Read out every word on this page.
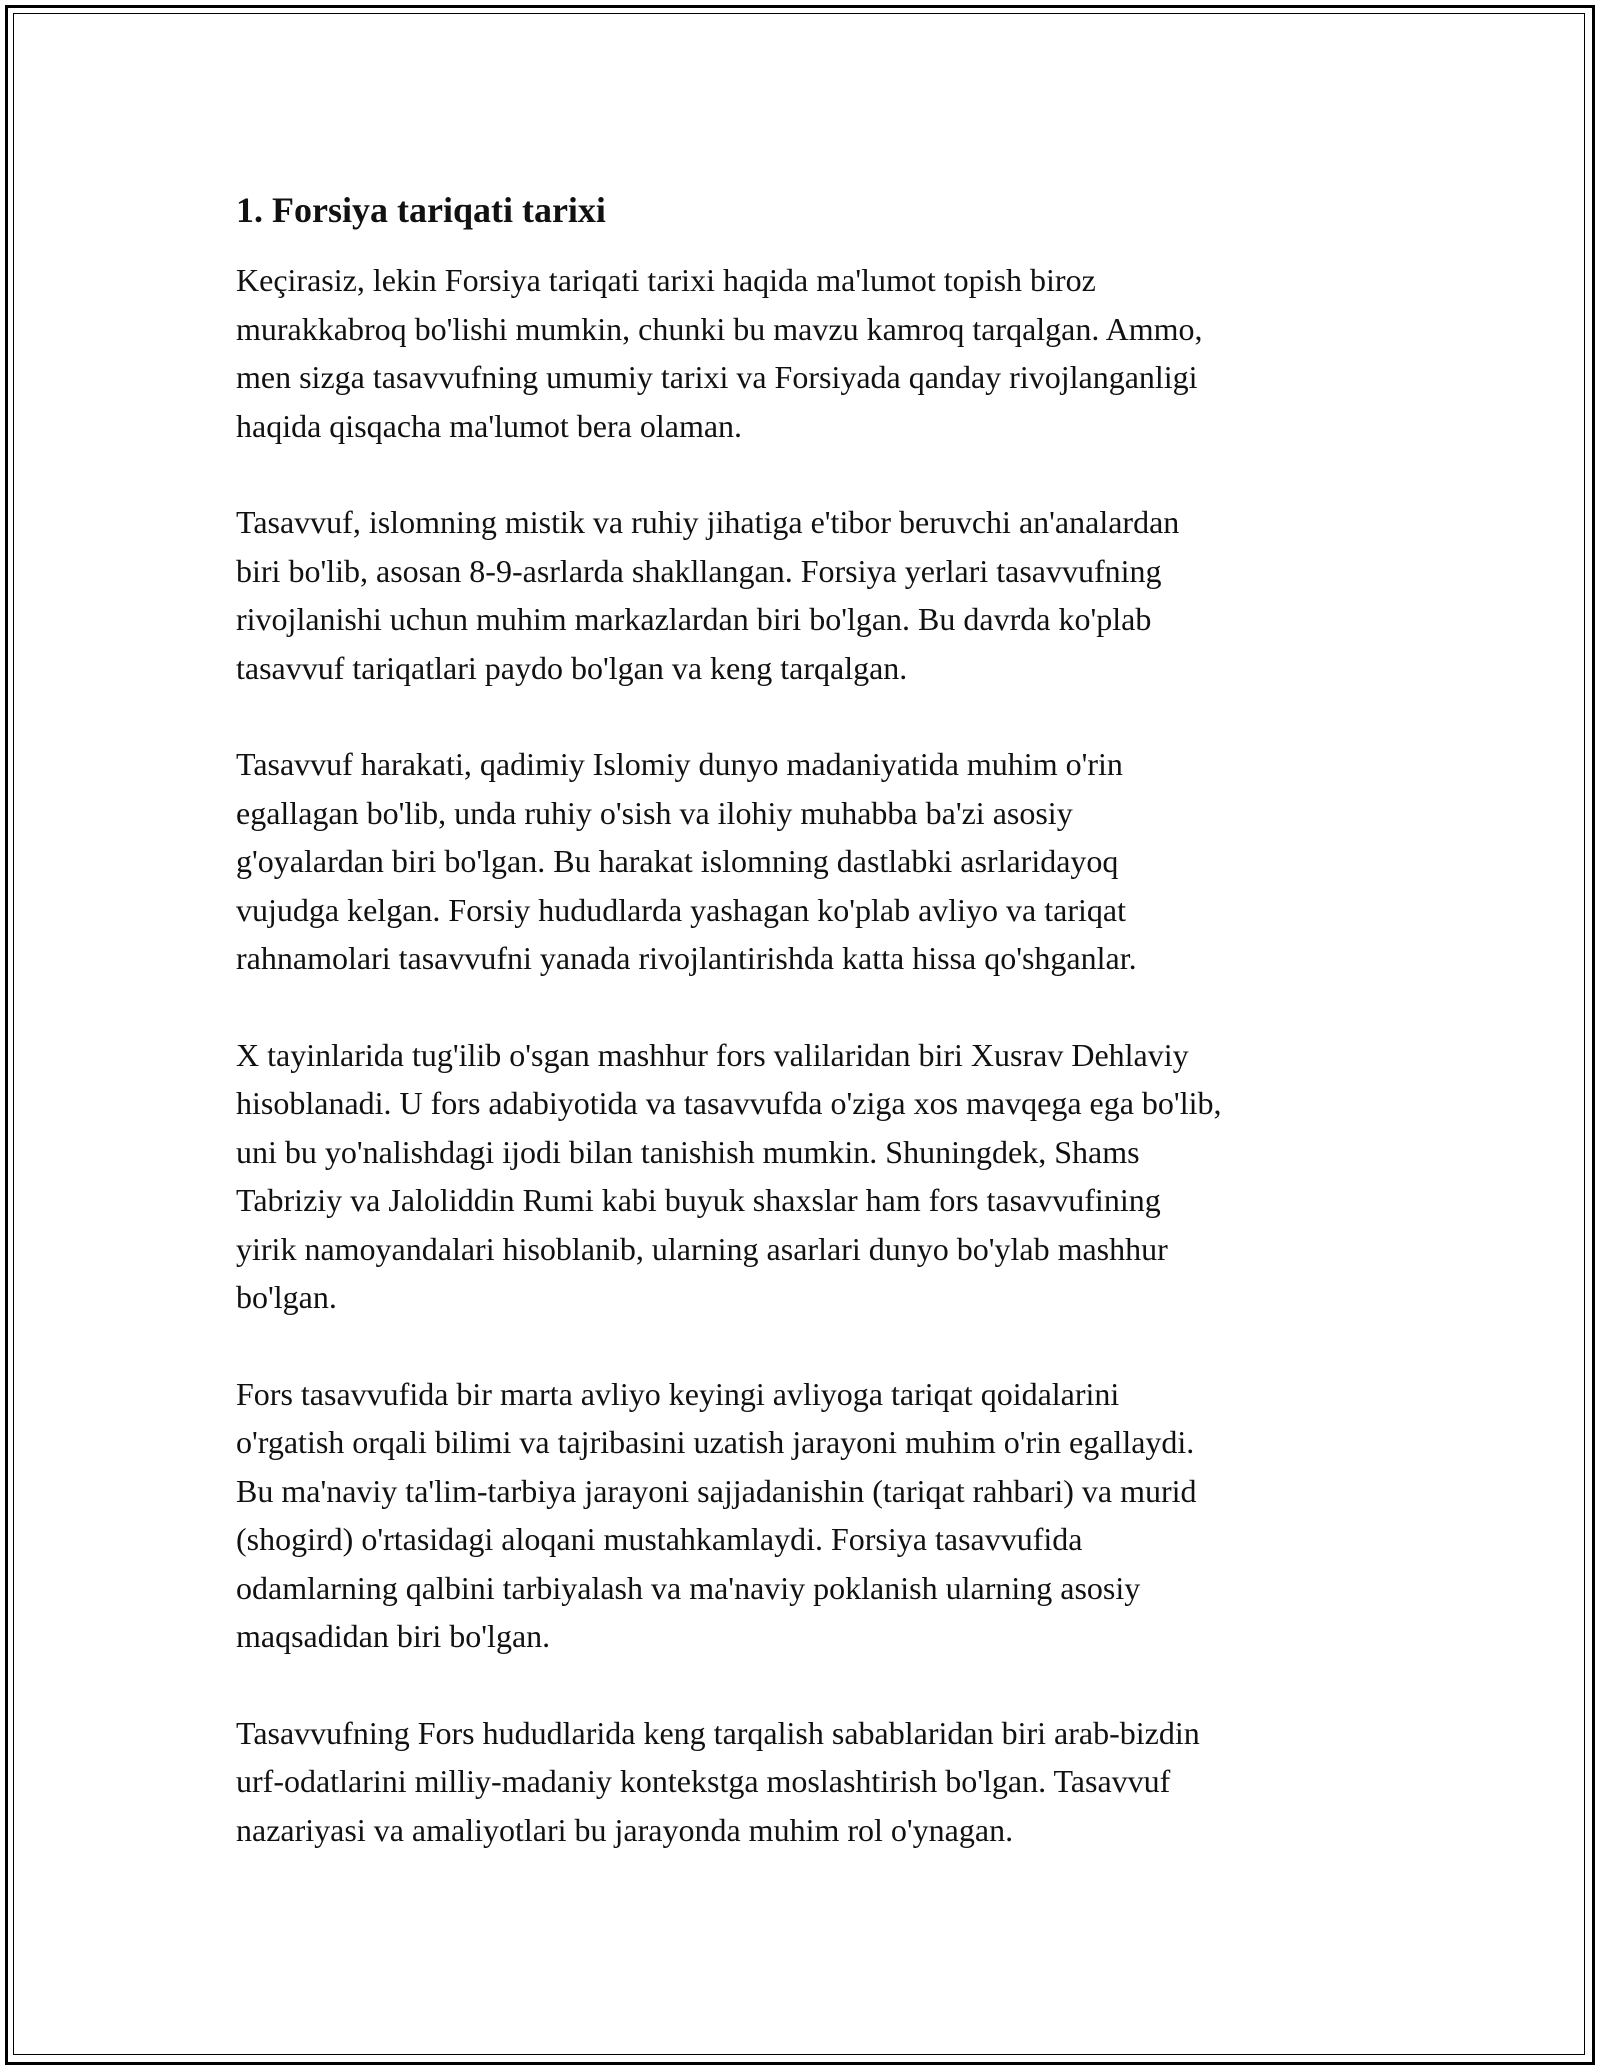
1. Forsiya tariqati tarixi

Keçirasiz, lekin Forsiya tariqati tarixi haqida ma'lumot topish biroz
murakkabroq bo'lishi mumkin, chunki bu mavzu kamroq tarqalgan. Ammo,
men sizga tasavvufning umumiy tarixi va Forsiyada qanday rivojlanganligi
haqida qisqacha ma'lumot bera olaman.

Tasavvuf, islomning mistik va ruhiy jihatiga e'tibor beruvchi an'analardan
biri bo'lib, asosan 8-9-asrlarda shakllangan. Forsiya yerlari tasavvufning
rivojlanishi uchun muhim markazlardan biri bo'lgan. Bu davrda ko'plab
tasavvuf tariqatlari paydo bo'lgan va keng tarqalgan.

Tasavvuf harakati, qadimiy Islomiy dunyo madaniyatida muhim o'rin
egallagan bo'lib, unda ruhiy o'sish va ilohiy muhabba ba'zi asosiy
g'oyalardan biri bo'lgan. Bu harakat islomning dastlabki asrlaridayoq
vujudga kelgan. Forsiy hududlarda yashagan ko'plab avliyo va tariqat
rahnamolari tasavvufni yanada rivojlantirishda katta hissa qo'shganlar.

X tayinlarida tug'ilib o'sgan mashhur fors valilaridan biri Xusrav Dehlaviy
hisoblanadi. U fors adabiyotida va tasavvufda o'ziga xos mavqega ega bo'lib,
uni bu yo'nalishdagi ijodi bilan tanishish mumkin. Shuningdek, Shams
Tabriziy va Jaloliddin Rumi kabi buyuk shaxslar ham fors tasavvufining
yirik namoyandalari hisoblanib, ularning asarlari dunyo bo'ylab mashhur
bo'lgan.

Fors tasavvufida bir marta avliyo keyingi avliyoga tariqat qoidalarini
o'rgatish orqali bilimi va tajribasini uzatish jarayoni muhim o'rin egallaydi.
Bu ma'naviy ta'lim-tarbiya jarayoni sajjadanishin (tariqat rahbari) va murid
(shogird) o'rtasidagi aloqani mustahkamlaydi. Forsiya tasavvufida
odamlarning qalbini tarbiyalash va ma'naviy poklanish ularning asosiy
maqsadidan biri bo'lgan.

Tasavvufning Fors hududlarida keng tarqalish sabablaridan biri arab-bizdin
urf-odatlarini milliy-madaniy kontekstga moslashtirish bo'lgan. Tasavvuf
nazariyasi va amaliyotlari bu jarayonda muhim rol o'ynagan.
